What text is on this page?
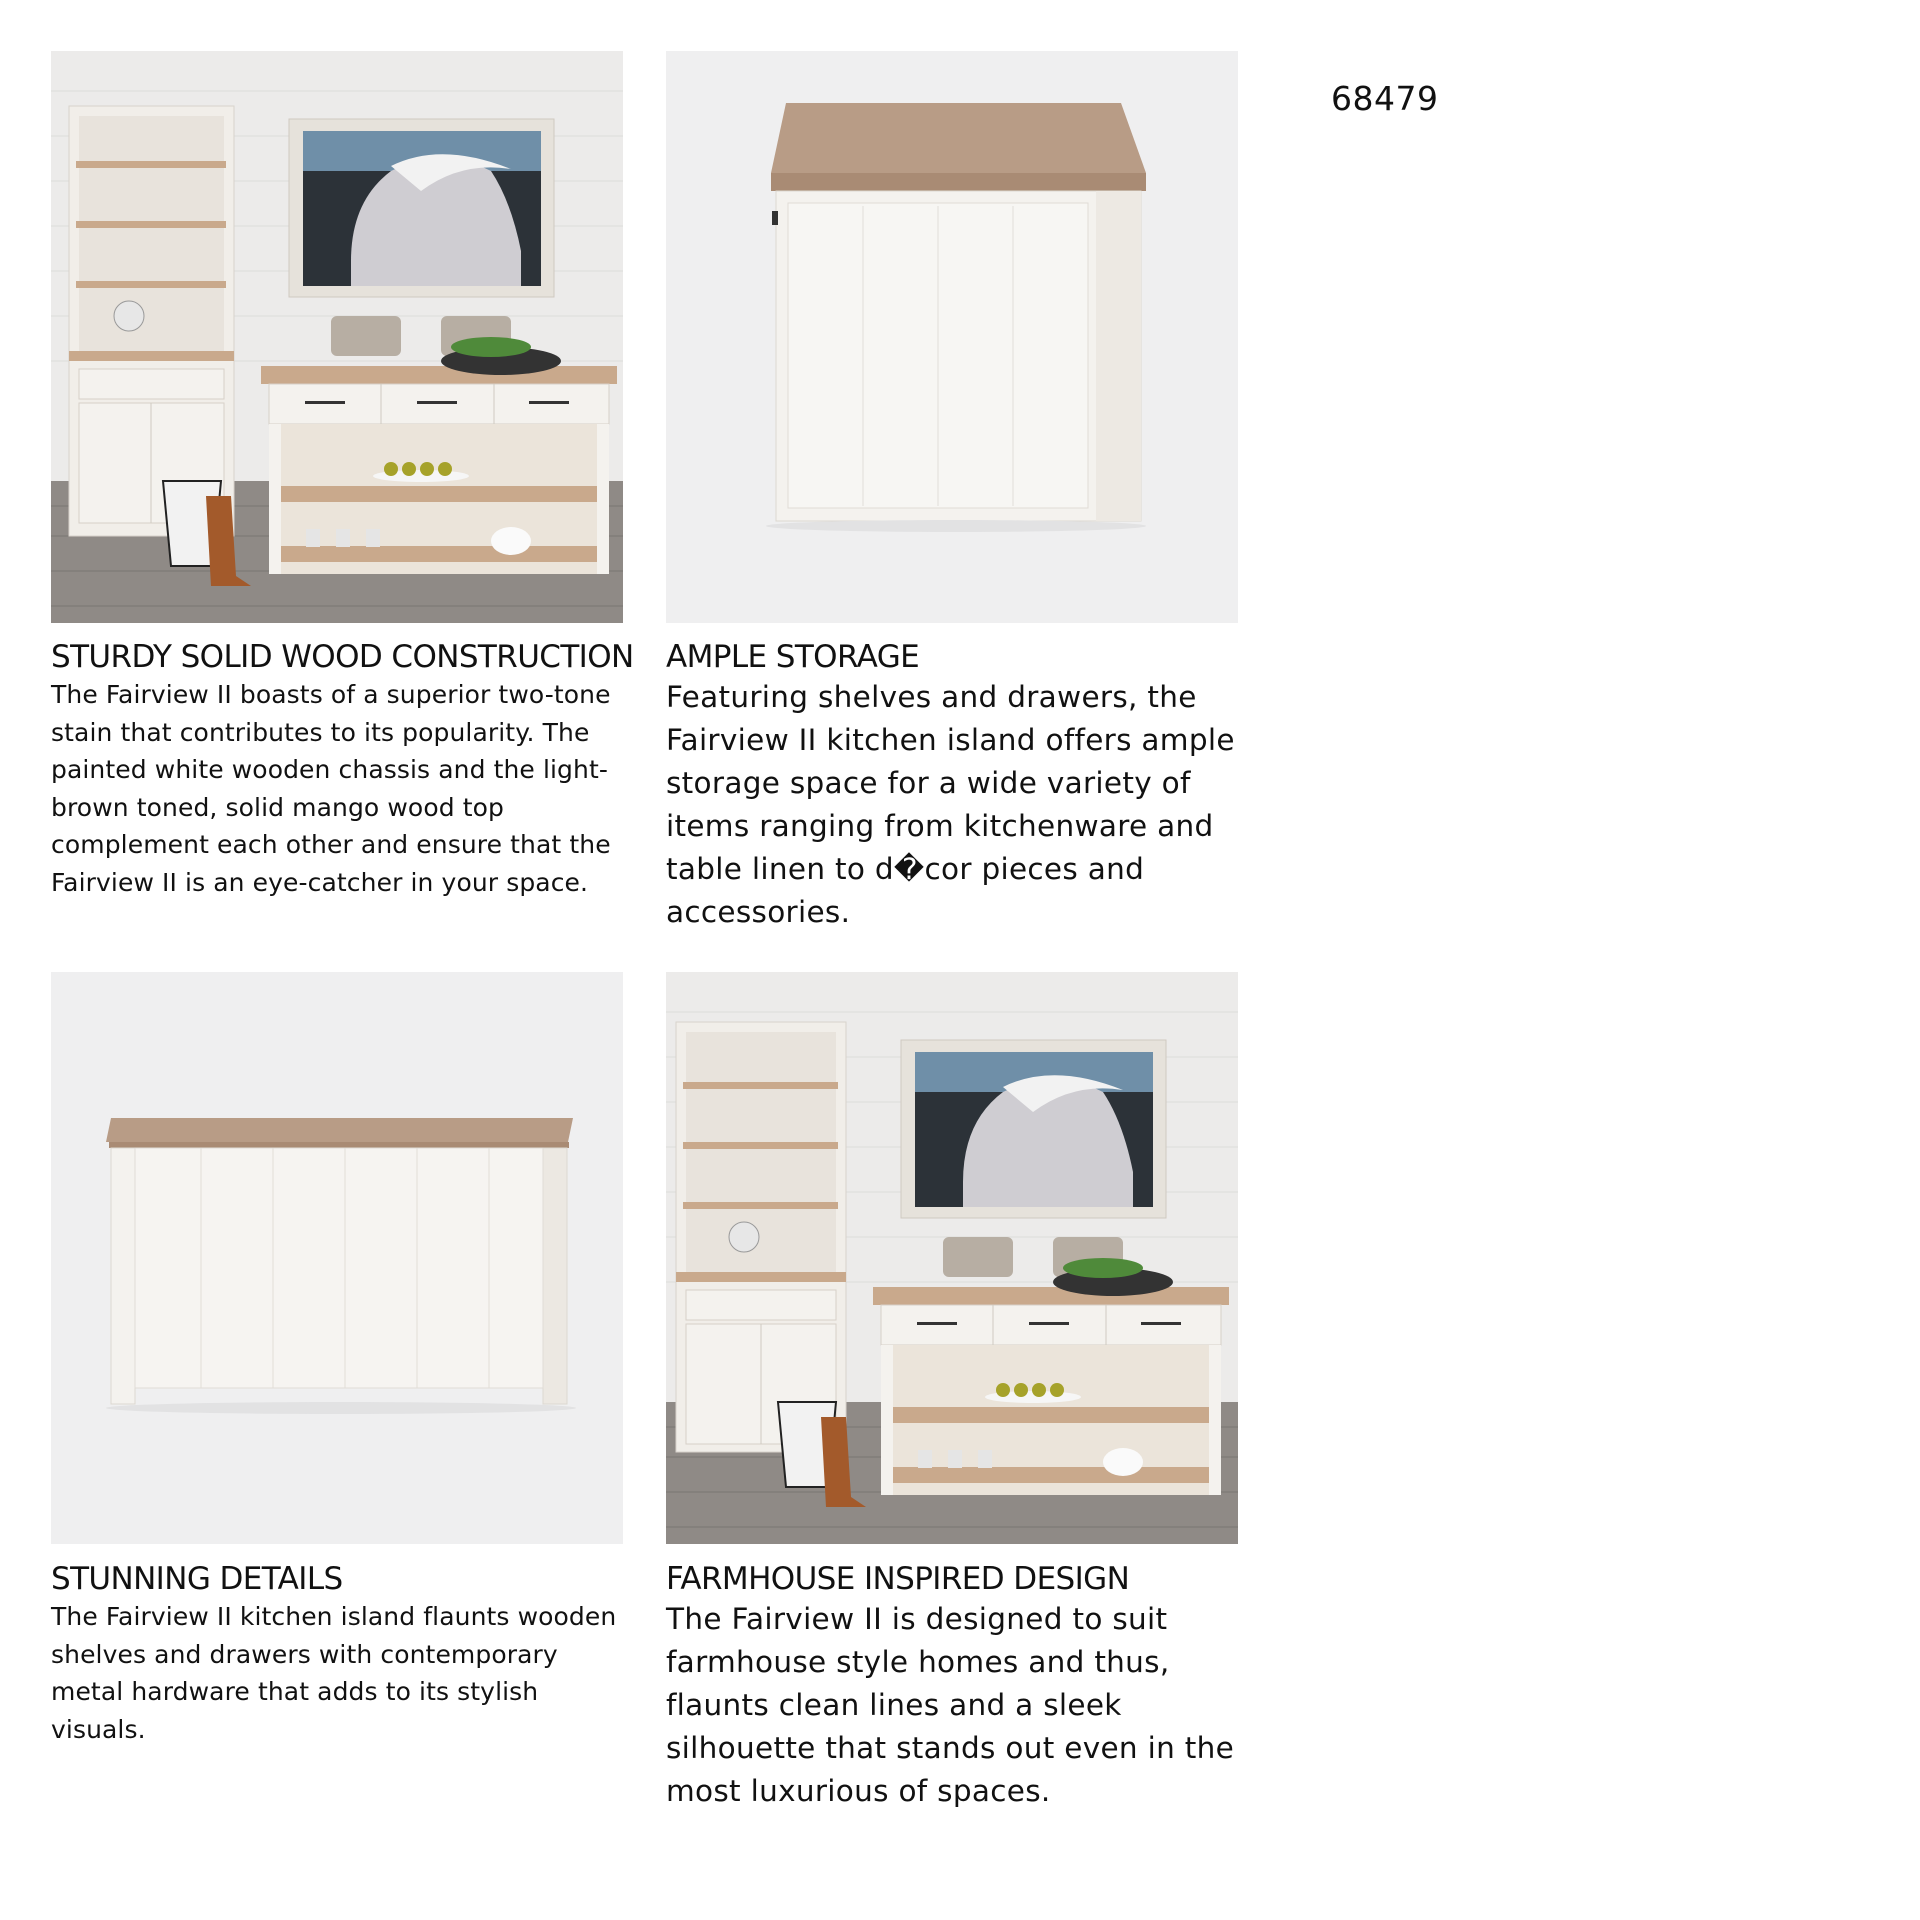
68479
STURDY SOLID WOOD CONSTRUCTION

The Fairview II boasts of a superior two-tone stain that contributes to its popularity. The painted white wooden chassis and the light-brown toned, solid mango wood top complement each other and ensure that the Fairview II is an eye-catcher in your space.

AMPLE STORAGE

Featuring shelves and drawers, the Fairview II kitchen island offers ample storage space for a wide variety of items ranging from kitchenware and table linen to d�cor pieces and accessories.

STUNNING DETAILS

The Fairview II kitchen island flaunts wooden shelves and drawers with contemporary metal hardware that adds to its stylish visuals.

FARMHOUSE INSPIRED DESIGN

The Fairview II is designed to suit farmhouse style homes and thus, flaunts clean lines and a sleek silhouette that stands out even in the most luxurious of spaces.
